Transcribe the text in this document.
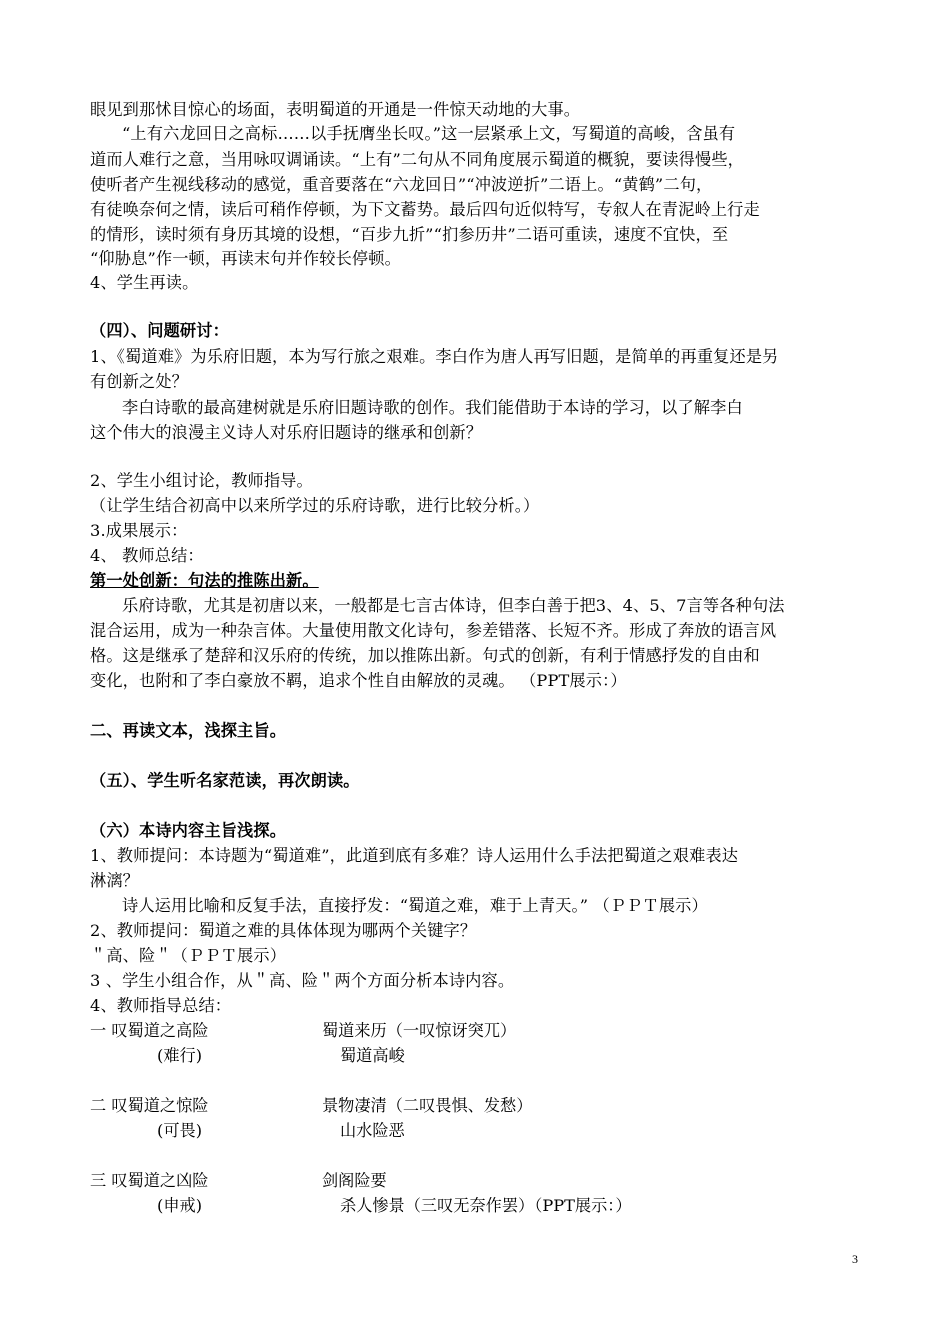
眼见到那怵目惊心的场面，表明蜀道的开通是一件惊天动地的大事。
“上有六龙回日之高标……以手抚膺坐长叹。”这一层紧承上文，写蜀道的高峻，含虽有
道而人难行之意，当用咏叹调诵读。“上有”二句从不同角度展示蜀道的概貌，要读得慢些，
使听者产生视线移动的感觉，重音要落在“六龙回日”“冲波逆折”二语上。“黄鹤”二句，
有徒唤奈何之情，读后可稍作停顿，为下文蓄势。最后四句近似特写，专叙人在青泥岭上行走
的情形，读时须有身历其境的设想，“百步九折”“扪参历井”二语可重读，速度不宜快，至
“仰胁息”作一顿，再读末句并作较长停顿。
4、学生再读。
（四）、问题研讨：
1、《蜀道难》为乐府旧题，本为写行旅之艰难。李白作为唐人再写旧题，是简单的再重复还是另
有创新之处？
李白诗歌的最高建树就是乐府旧题诗歌的创作。我们能借助于本诗的学习，以了解李白
这个伟大的浪漫主义诗人对乐府旧题诗的继承和创新？
2、学生小组讨论，教师指导。
（让学生结合初高中以来所学过的乐府诗歌，进行比较分析。）
3.成果展示：
4、 教师总结：
第一处创新：句法的推陈出新。
乐府诗歌，尤其是初唐以来，一般都是七言古体诗，但李白善于把3、4、5、7言等各种句法
混合运用，成为一种杂言体。大量使用散文化诗句，参差错落、长短不齐。形成了奔放的语言风
格。这是继承了楚辞和汉乐府的传统，加以推陈出新。句式的创新，有利于情感抒发的自由和
变化，也附和了李白豪放不羁，追求个性自由解放的灵魂。 （PPT展示：）
二、再读文本，浅探主旨。
（五）、学生听名家范读，再次朗读。
（六）本诗内容主旨浅探。
1、教师提问：本诗题为“蜀道难”，此道到底有多难？诗人运用什么手法把蜀道之艰难表达
淋漓？
诗人运用比喻和反复手法，直接抒发：“蜀道之难，难于上青天。” （ＰＰＴ展示）
2、教师提问：蜀道之难的具体体现为哪两个关键字？
＂高、险＂（ＰＰＴ展示）
3 、学生小组合作，从＂高、险＂两个方面分析本诗内容。
4、教师指导总结：
一 叹蜀道之高险	蜀道来历（一叹惊讶突兀）
(难行)	蜀道高峻
二 叹蜀道之惊险	景物凄清（二叹畏惧、发愁）
(可畏)	山水险恶
三 叹蜀道之凶险	剑阁险要
(申戒)	杀人惨景（三叹无奈作罢）（PPT展示：）
3
